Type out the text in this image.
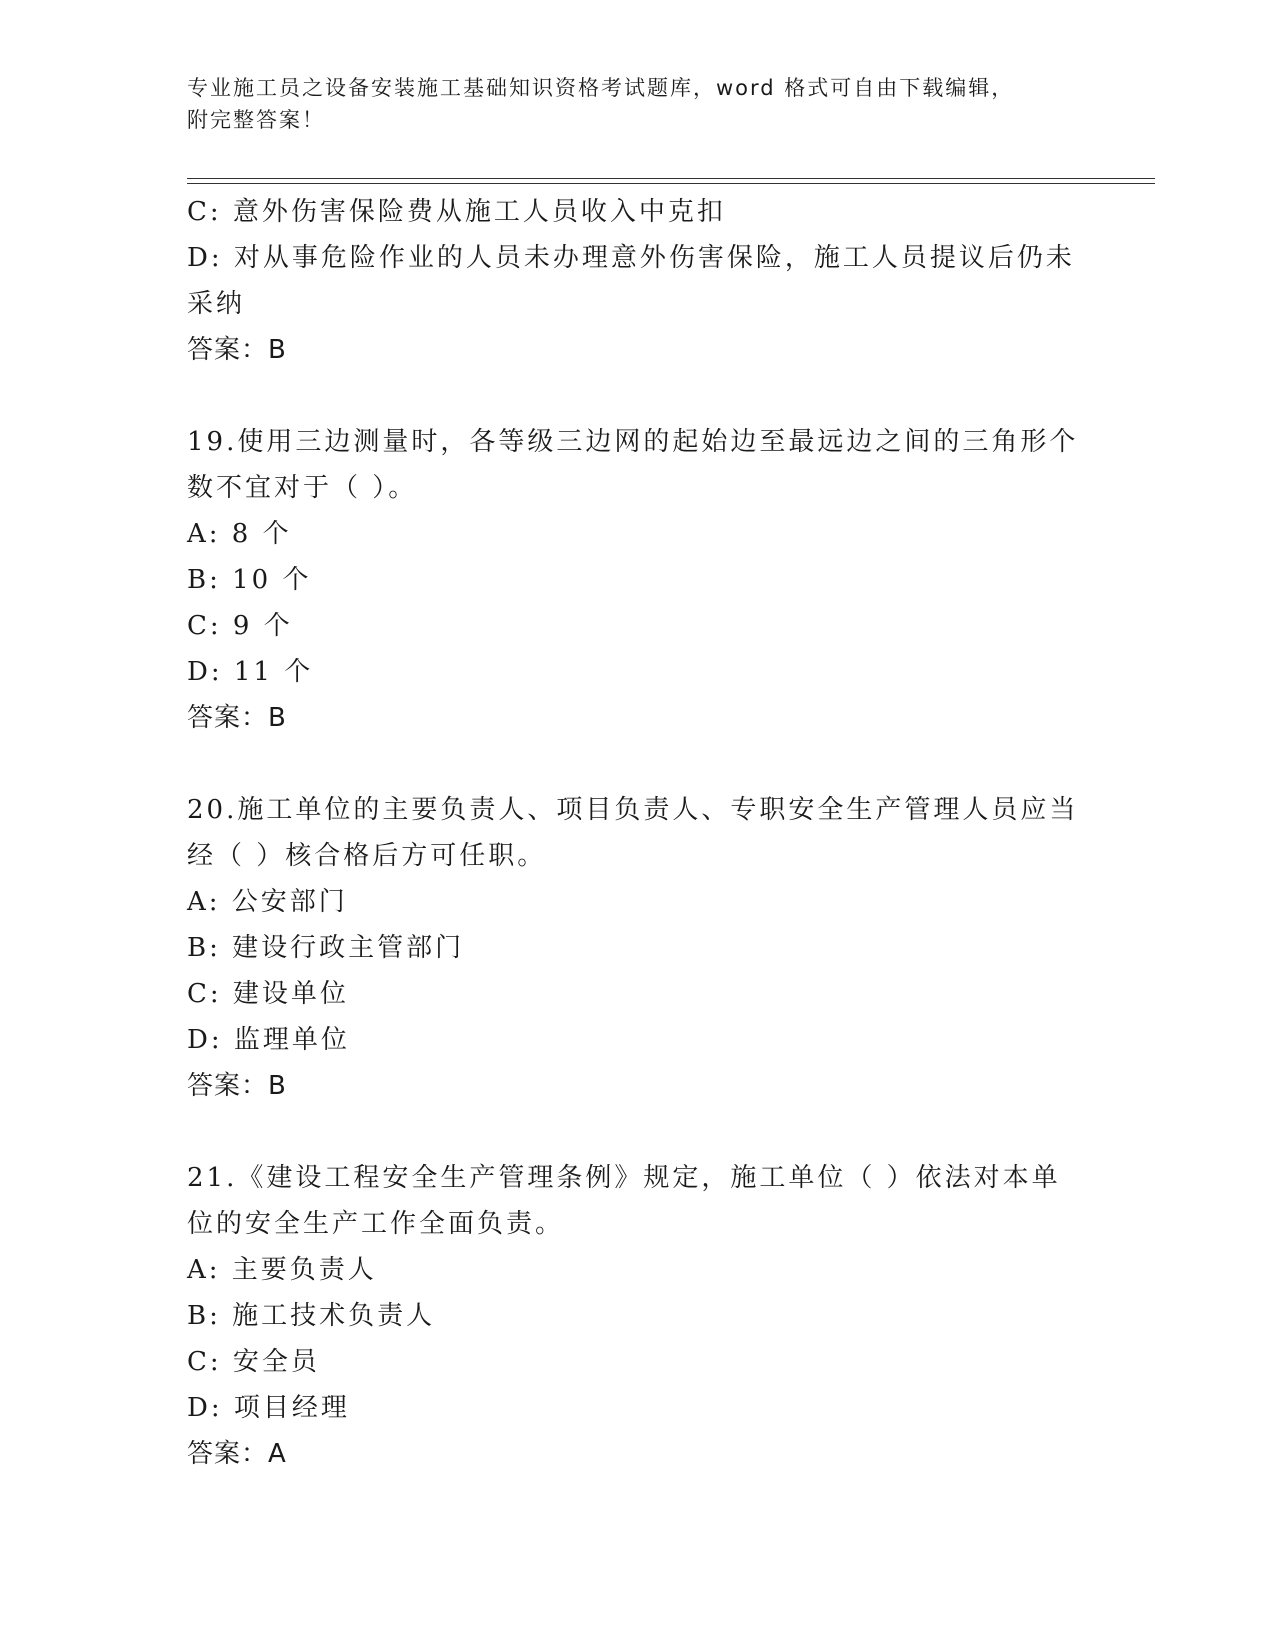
专业施工员之设备安装施工基础知识资格考试题库，word 格式可自由下载编辑，
附完整答案！
C: 意外伤害保险费从施工人员收入中克扣
D: 对从事危险作业的人员未办理意外伤害保险，施工人员提议后仍未
采纳
答案：B
19.使用三边测量时，各等级三边网的起始边至最远边之间的三角形个
数不宜对于（ ）。
A: 8 个
B: 10 个
C: 9 个
D: 11 个
答案：B
20.施工单位的主要负责人、项目负责人、专职安全生产管理人员应当
经（ ）核合格后方可任职。
A: 公安部门
B: 建设行政主管部门
C: 建设单位
D: 监理单位
答案：B
21.《建设工程安全生产管理条例》规定，施工单位（ ）依法对本单
位的安全生产工作全面负责。
A: 主要负责人
B: 施工技术负责人
C: 安全员
D: 项目经理
答案：A
